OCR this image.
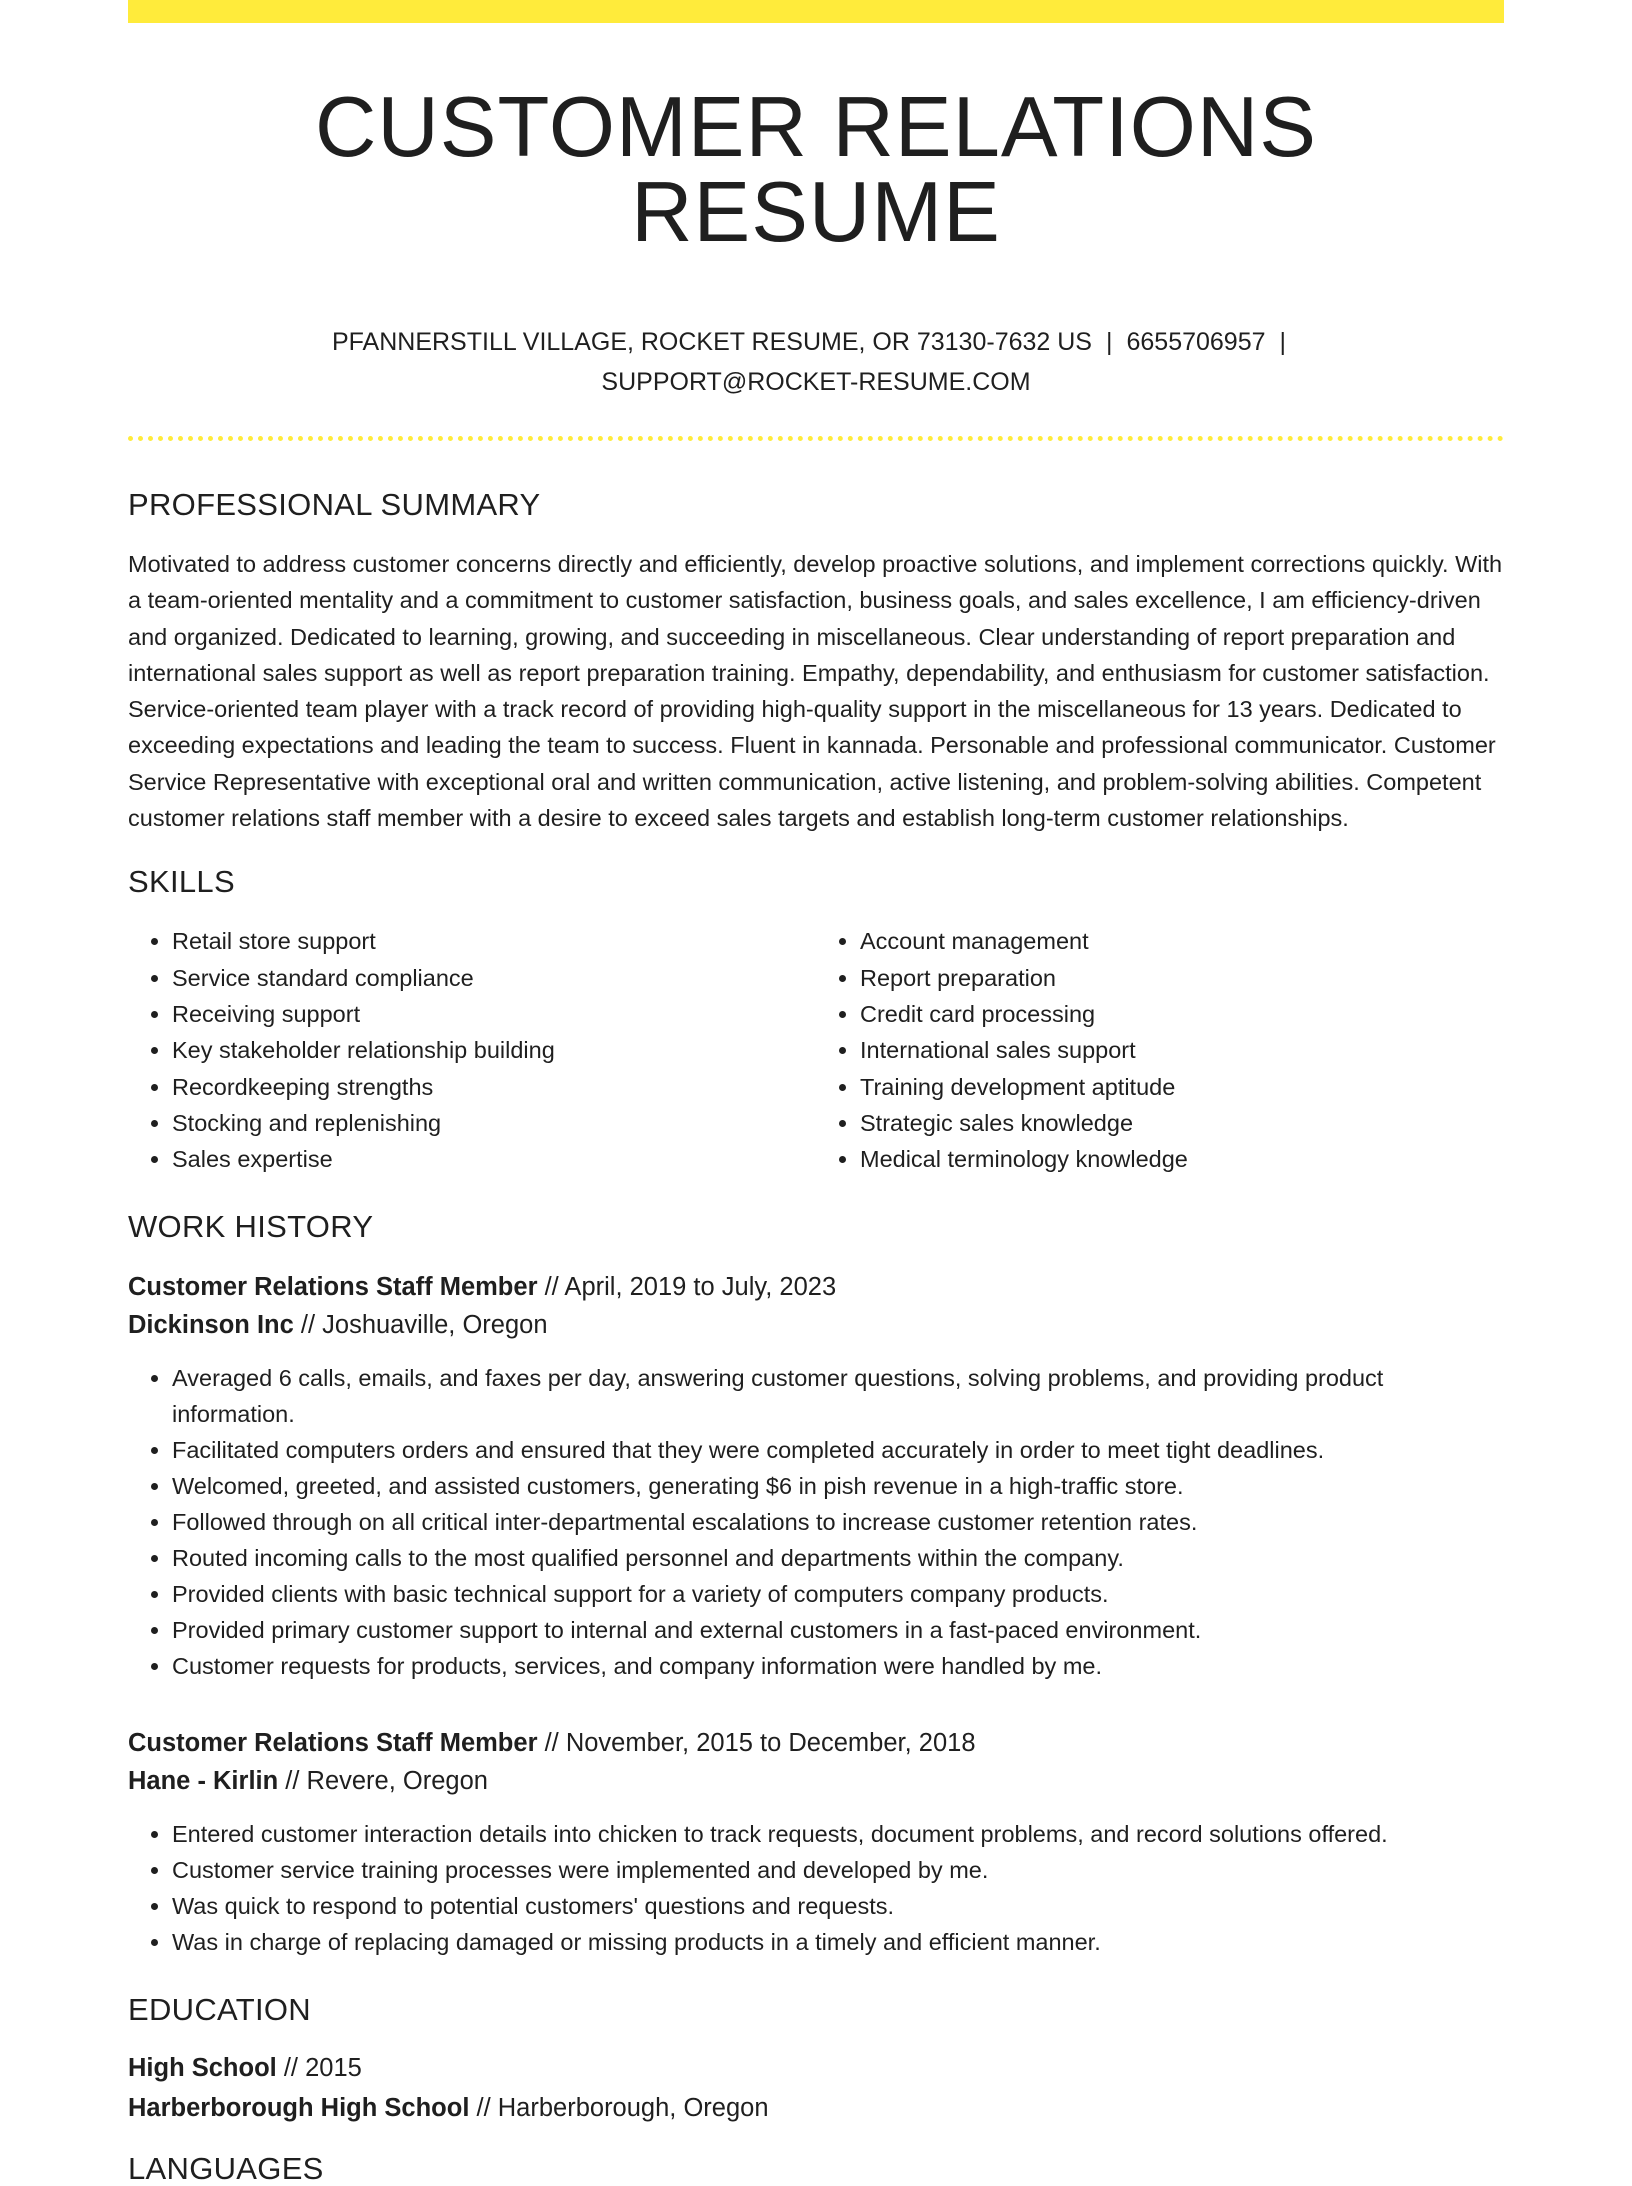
CUSTOMER RELATIONS RESUME
PFANNERSTILL VILLAGE, ROCKET RESUME, OR 73130-7632 US | 6655706957 |
SUPPORT@ROCKET-RESUME.COM
PROFESSIONAL SUMMARY

Motivated to address customer concerns directly and efficiently, develop proactive solutions, and implement corrections quickly. With a team-oriented mentality and a commitment to customer satisfaction, business goals, and sales excellence, I am efficiency-driven and organized. Dedicated to learning, growing, and succeeding in miscellaneous. Clear understanding of report preparation and international sales support as well as report preparation training. Empathy, dependability, and enthusiasm for customer satisfaction. Service-oriented team player with a track record of providing high-quality support in the miscellaneous for 13 years. Dedicated to exceeding expectations and leading the team to success. Fluent in kannada. Personable and professional communicator. Customer Service Representative with exceptional oral and written communication, active listening, and problem-solving abilities. Competent customer relations staff member with a desire to exceed sales targets and establish long-term customer relationships.

SKILLS
• Retail store support
• Service standard compliance
• Receiving support
• Key stakeholder relationship building
• Recordkeeping strengths
• Stocking and replenishing
• Sales expertise
• Account management
• Report preparation
• Credit card processing
• International sales support
• Training development aptitude
• Strategic sales knowledge
• Medical terminology knowledge
WORK HISTORY
Customer Relations Staff Member // April, 2019 to July, 2023
Dickinson Inc // Joshuaville, Oregon
• Averaged 6 calls, emails, and faxes per day, answering customer questions, solving problems, and providing product information.
• Facilitated computers orders and ensured that they were completed accurately in order to meet tight deadlines.
• Welcomed, greeted, and assisted customers, generating $6 in pish revenue in a high-traffic store.
• Followed through on all critical inter-departmental escalations to increase customer retention rates.
• Routed incoming calls to the most qualified personnel and departments within the company.
• Provided clients with basic technical support for a variety of computers company products.
• Provided primary customer support to internal and external customers in a fast-paced environment.
• Customer requests for products, services, and company information were handled by me.
Customer Relations Staff Member // November, 2015 to December, 2018
Hane - Kirlin // Revere, Oregon
• Entered customer interaction details into chicken to track requests, document problems, and record solutions offered.
• Customer service training processes were implemented and developed by me.
• Was quick to respond to potential customers' questions and requests.
• Was in charge of replacing damaged or missing products in a timely and efficient manner.
EDUCATION
High School // 2015
Harberborough High School // Harberborough, Oregon
LANGUAGES
